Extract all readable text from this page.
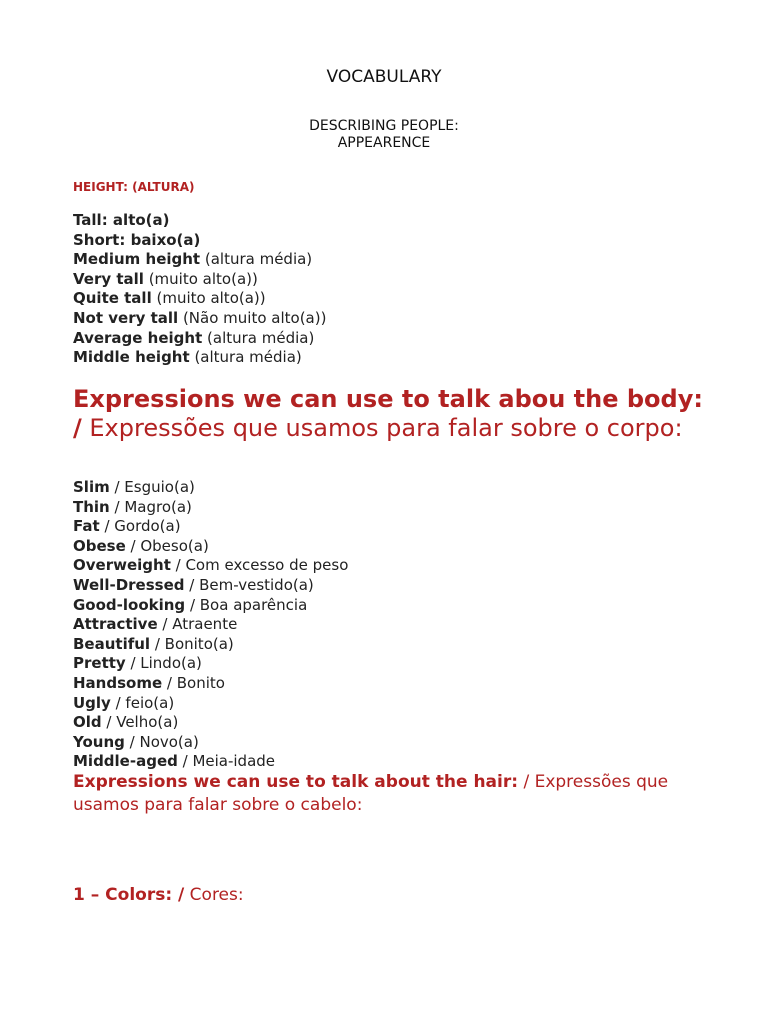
VOCABULARY
DESCRIBING PEOPLE:
APPEARENCE
HEIGHT: (ALTURA)
Tall: alto(a)
Short: baixo(a)
Medium height (altura média)
Very tall (muito alto(a))
Quite tall (muito alto(a))
Not very tall (Não muito alto(a))
Average height (altura média)
Middle height (altura média)
Expressions we can use to talk abou the body: / Expressões que usamos para falar sobre o corpo:
Slim / Esguio(a)
Thin / Magro(a)
Fat / Gordo(a)
Obese / Obeso(a)
Overweight / Com excesso de peso
Well-Dressed / Bem-vestido(a)
Good-looking / Boa aparência
Attractive / Atraente
Beautiful / Bonito(a)
Pretty / Lindo(a)
Handsome / Bonito
Ugly / feio(a)
Old / Velho(a)
Young / Novo(a)
Middle-aged / Meia-idade
Expressions we can use to talk about the hair: / Expressões que usamos para falar sobre o cabelo:
1 – Colors: / Cores:
